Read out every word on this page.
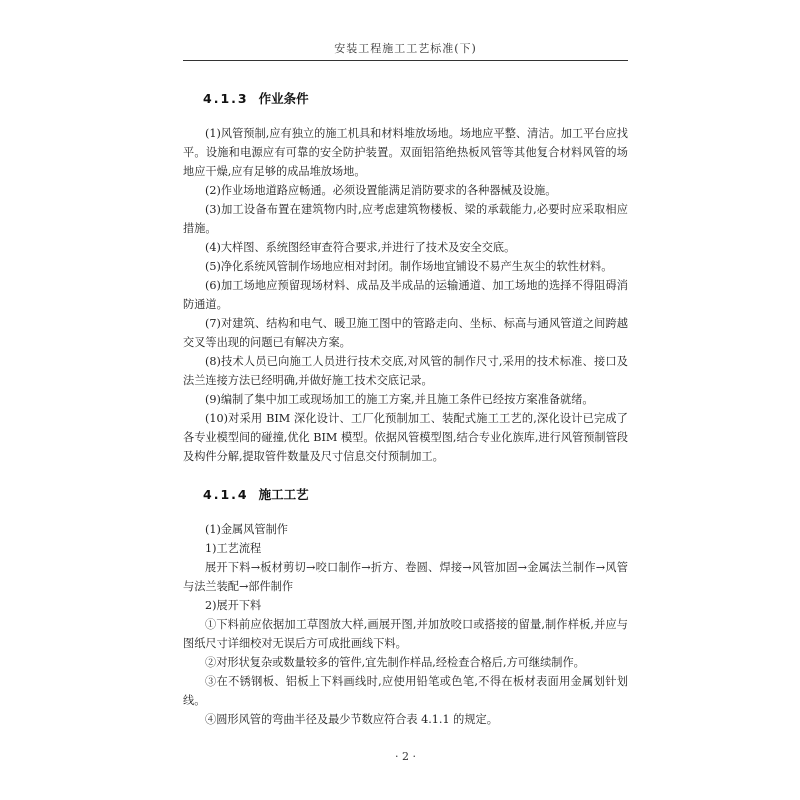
安装工程施工工艺标准(下)
4.1.3 作业条件

(1)风管预制,应有独立的施工机具和材料堆放场地。场地应平整、清洁。加工平台应找平。设施和电源应有可靠的安全防护装置。双面铝箔绝热板风管等其他复合材料风管的场地应干燥,应有足够的成品堆放场地。

(2)作业场地道路应畅通。必须设置能满足消防要求的各种器械及设施。

(3)加工设备布置在建筑物内时,应考虑建筑物楼板、梁的承载能力,必要时应采取相应措施。

(4)大样图、系统图经审查符合要求,并进行了技术及安全交底。

(5)净化系统风管制作场地应相对封闭。制作场地宜铺设不易产生灰尘的软性材料。

(6)加工场地应预留现场材料、成品及半成品的运输通道、加工场地的选择不得阻碍消防通道。

(7)对建筑、结构和电气、暖卫施工图中的管路走向、坐标、标高与通风管道之间跨越交叉等出现的问题已有解决方案。

(8)技术人员已向施工人员进行技术交底,对风管的制作尺寸,采用的技术标准、接口及法兰连接方法已经明确,并做好施工技术交底记录。

(9)编制了集中加工或现场加工的施工方案,并且施工条件已经按方案准备就绪。

(10)对采用 BIM 深化设计、工厂化预制加工、装配式施工工艺的,深化设计已完成了各专业模型间的碰撞,优化 BIM 模型。依据风管模型图,结合专业化族库,进行风管预制管段及构件分解,提取管件数量及尺寸信息交付预制加工。

4.1.4 施工工艺

(1)金属风管制作

1)工艺流程

展开下料→板材剪切→咬口制作→折方、卷圆、焊接→风管加固→金属法兰制作→风管与法兰装配→部件制作

2)展开下料

①下料前应依据加工草图放大样,画展开图,并加放咬口或搭接的留量,制作样板,并应与图纸尺寸详细校对无误后方可成批画线下料。

②对形状复杂或数量较多的管件,宜先制作样品,经检查合格后,方可继续制作。

③在不锈钢板、铝板上下料画线时,应使用铅笔或色笔,不得在板材表面用金属划针划线。

④圆形风管的弯曲半径及最少节数应符合表 4.1.1 的规定。

· 2 ·
